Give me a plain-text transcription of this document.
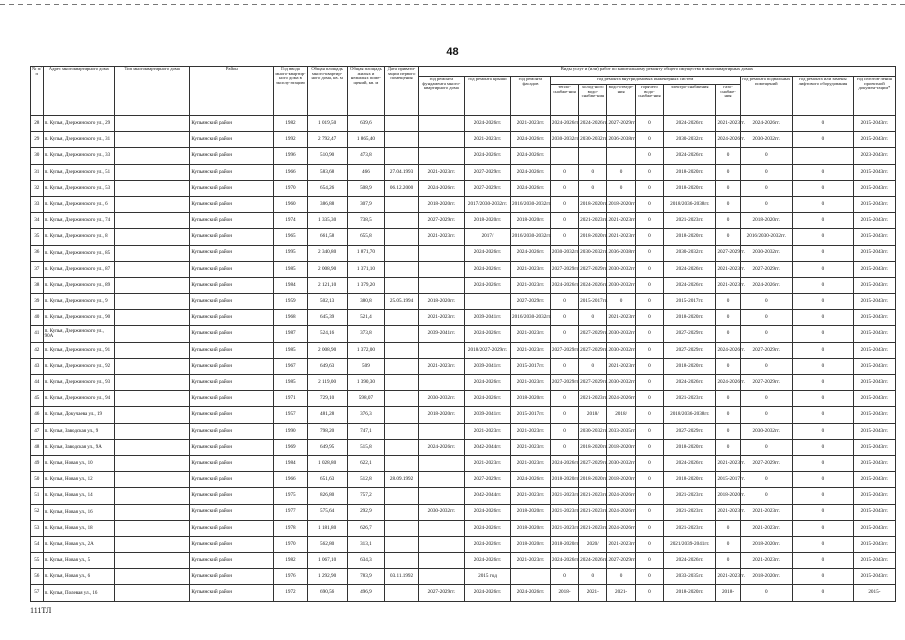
48
№ п/п	Адрес многоквартирного дома	Тип многоквартирного дома	Район	Год ввода много-квартир-ного дома в эксплу-атацию	Общая площадь много-квартир-ного дома, кв. м	Общая площадь жилых и нежилых поме-щений, кв. м	Дата привати-зации первого помещения	Виды услуг и (или) работ по капитальному ремонту общего имущества в многоквартирных домах											
								год ремонта фундамента много-квартирного дома	год ремонта крыши	год ремонта фасадов	год ремонта внутридомовых инженерных систем						год ремонта подвальных помещений	год ремонта или замены лифтового оборудования	год изготов-ления проектной докумен-тации*
											тепло-снабже-ния	холод-ного водо-снабже-ния	водо-отведе-ния	горячего водо-снабже-ния	электро-снабжения	газо-снабже-ния			
28	п. Купья, Дзержинского ул., 29		Купьянский район	1982	1 019,50	639,6			2024-2026гг.	2021-2023гг.	2024-2026гг.	2024-2026гг.	2027-2029гг.	0	2024-2026гг.	2021-2023гг.	2024-2026гг.	0	2015-2043гг.
29	п. Купья, Дзержинского ул., 31		Купьянский район	1992	2 792,47	1 865,40			2021-2023гг.	2024-2026гг.	2030-2032гг.	2030-2032гг.	2036-2038гг.	0	2030-2032гг.	2024-2026гг.	2030-2032гг.	0	2015-2043гг.
30	п. Купья, Дзержинского ул., 33		Купьянский район	1996	510,90	473,8			2024-2026гг.	2024-2026гг.				0	2024-2026гг.	0	0		2023-2043гг.
31	п. Купья, Дзержинского ул., 51		Купьянский район	1966	583,68	466	27.04.1993	2021-2023гг.	2027-2029гг.	2024-2026гг.	0	0	0	0	2018-2020гг.	0	0	0	2015-2043гг.
32	п. Купья, Дзержинского ул., 53		Купьянский район	1970	654,26	508,9	06.12.2000	2024-2026гг.	2027-2029гг.	2024-2026гг.	0	0	0	0	2018-2020гг.	0	0	0	2015-2043гг.
33	п. Купья, Дзержинского ул., 6		Купьянский район	1960	386,88	307,9		2018-2020гг.	2017/2030-2032гг.	2016/2030-2032гг.	0	2018-2020гг.	2018-2020гг.	0	2018/2036-2038гг.	0	0	0	2015-2043гг.
34	п. Купья, Дзержинского ул., 74		Купьянский район	1974	1 335,30	738,5		2027-2029гг.	2018-2020гг.	2018-2020гг.	0	2021-2023гг.	2021-2023гг.	0	2021-2023гг.	0	2018-2020гг.	0	2015-2043гг.
35	п. Купья, Дзержинского ул., 8		Купьянский район	1965	661,58	655,8		2021-2023гг.	2017/	2016/2030-2032гг.	0	2018-2020гг.	2021-2023гг.	0	2018-2020гг.	0	2016/2030-2032гг.	0	2015-2043гг.
36	п. Купья, Дзержинского ул., 85		Купьянский район	1995	2 340,80	1 871,70			2024-2026гг.	2024-2026гг.	2030-2032гг.	2030-2032гг.	2036-2038гг.	0	2030-2032гг.	2027-2029гг.	2030-2032гг.	0	2015-2043гг.
37	п. Купья, Дзержинского ул., 87		Купьянский район	1985	2 008,90	1 371,10			2024-2026гг.	2021-2023гг.	2027-2029гг.	2027-2029гг.	2030-2032гг.	0	2024-2026гг.	2021-2023гг.	2027-2029гг.	0	2015-2043гг.
38	п. Купья, Дзержинского ул., 89		Купьянский район	1984	2 121,10	1 379,20			2024-2026гг.	2021-2023гг.	2024-2026гг.	2024-2026гг.	2030-2032гг.	0	2024-2026гг.	2021-2023гг.	2024-2026гг.	0	2015-2043гг.
39	п. Купья, Дзержинского ул., 9		Купьянский район	1959	502,13	380,8	25.05.1994	2018-2020гг.		2027-2029гг.	0	2015-2017гг.	0	0	2015-2017гг.	0	0	0	2015-2043гг.
40	п. Купья, Дзержинского ул., 90		Купьянский район	1968	645,39	521,4		2021-2023гг.	2039-2041гг.	2016/2030-2032гг.	0	0	2021-2023гг.	0	2018-2020гг.	0	0	0	2015-2043гг.
41	п. Купья, Дзержинского ул., 90А		Купьянский район	1987	524,16	373,8		2039-2041гг.	2024-2026гг.	2021-2023гг.	0	2027-2029гг.	2030-2032гг.	0	2027-2029гг.	0	0	0	2015-2043гг.
42	п. Купья, Дзержинского ул., 91		Купьянский район	1985	2 008,90	1 372,00			2018/2027-2029гг.	2021-2023гг.	2027-2029гг.	2027-2029гг.	2030-2032гг.	0	2027-2029гг.	2024-2026гг.	2027-2029гг.	0	2015-2043гг.
43	п. Купья, Дзержинского ул., 92		Купьянский район	1967	649,63	509		2021-2023гг.	2039-2041гг.	2015-2017гг.	0	0	2021-2023гг.	0	2018-2020гг.	0	0	0	2015-2043гг.
44	п. Купья, Дзержинского ул., 93		Купьянский район	1985	2 119,00	1 390,30			2024-2026гг.	2021-2023гг.	2027-2029гг.	2027-2029гг.	2030-2032гг.	0	2024-2026гг.	2024-2026гг.	2027-2029гг.	0	2015-2043гг.
45	п. Купья, Дзержинского ул., 94		Купьянский район	1971	729,10	598,07		2030-2032гг.	2024-2026гг.	2018-2020гг.	0	2021-2023гг.	2024-2026гг.	0	2021-2023гг.	0	0	0	2015-2043гг.
46	п. Купья, Докучаева ул., 19		Купьянский район	1957	481,28	376,3		2018-2020гг.	2039-2041гг.	2015-2017гг.	0	2018/	2018/	0	2018/2036-2038гг.	0	0	0	2015-2043гг.
47	п. Купья, Заводская ул., 9		Купьянский район	1990	798,20	747,1			2021-2023гг.	2021-2023гг.	0	2030-2032гг.	2033-2035гг.	0	2027-2029гг.	0	2030-2032гг.	0	2015-2043гг.
48	п. Купья, Заводская ул., 9А		Купьянский район	1969	649,95	515,8		2024-2026гг.	2042-2044гг.	2021-2023гг.	0	2018-2020гг.	2018-2020гг.	0	2018-2020гг.	0	0	0	2015-2043гг.
49	п. Купья, Новая ул., 10		Купьянский район	1984	1 028,80	622,1			2021-2023гг.	2021-2023гг.	2024-2026гг.	2027-2029гг.	2030-2032гг.	0	2024-2026гг.	2021-2023гг.	2027-2029гг.	0	2015-2043гг.
50	п. Купья, Новая ул., 12		Купьянский район	1966	651,63	512,8	28.09.1992		2027-2029гг.	2024-2026гг.	2018-2020гг.	2018-2020гг.	2018-2020гг.	0	2018-2020гг.	2015-2017гг.	0	0	2015-2043гг.
51	п. Купья, Новая ул., 14		Купьянский район	1975	826,80	757,2			2042-2044гг.	2021-2023гг.	2021-2023гг.	2021-2023гг.	2024-2026гг.	0	2021-2023гг.	2018-2020гг.	0	0	2015-2043гг.
52	п. Купья, Новая ул., 16		Купьянский район	1977	575,64	292,9		2030-2032гг.	2024-2026гг.	2018-2020гг.	2021-2023гг.	2021-2023гг.	2024-2026гг.	0	2021-2023гг.	2021-2023гг.	2021-2023гг.	0	2015-2043гг.
53	п. Купья, Новая ул., 18		Купьянский район	1978	1 181,80	626,7			2024-2026гг.	2018-2020гг.	2021-2023гг.	2021-2023гг.	2024-2026гг.	0	2021-2023гг.	0	2021-2023гг.	0	2015-2043гг.
54	п. Купья, Новая ул., 2А		Купьянский район	1970	562,80	313,1			2024-2026гг.	2018-2020гг.	2018-2020гг.	2020/	2021-2023гг.	0	2021/2039-2041гг.	0	2018-2020гг.	0	2015-2043гг.
55	п. Купья, Новая ул., 5		Купьянский район	1982	1 067,10	634,3			2024-2026гг.	2021-2023гг.	2024-2026гг.	2024-2026гг.	2027-2029гг.	0	2024-2026гг.	0	2021-2023гг.	0	2015-2043гг.
56	п. Купья, Новая ул., 6		Купьянский район	1976	1 292,90	783,9	03.11.1992		2015 год		0	0	0	0	2033-2035гг.	2021-2023гг.	2018-2020гг.	0	2015-2043гг.
57	п. Купья, Полевая ул., 16		Купьянский район	1972	690,56	496,9		2027-2029гг.	2024-2026гг.	2024-2026гг.	2018-	2021-	2021-	0	2018-2020гг.	2018-	0	0	2015-
111ТЛ
